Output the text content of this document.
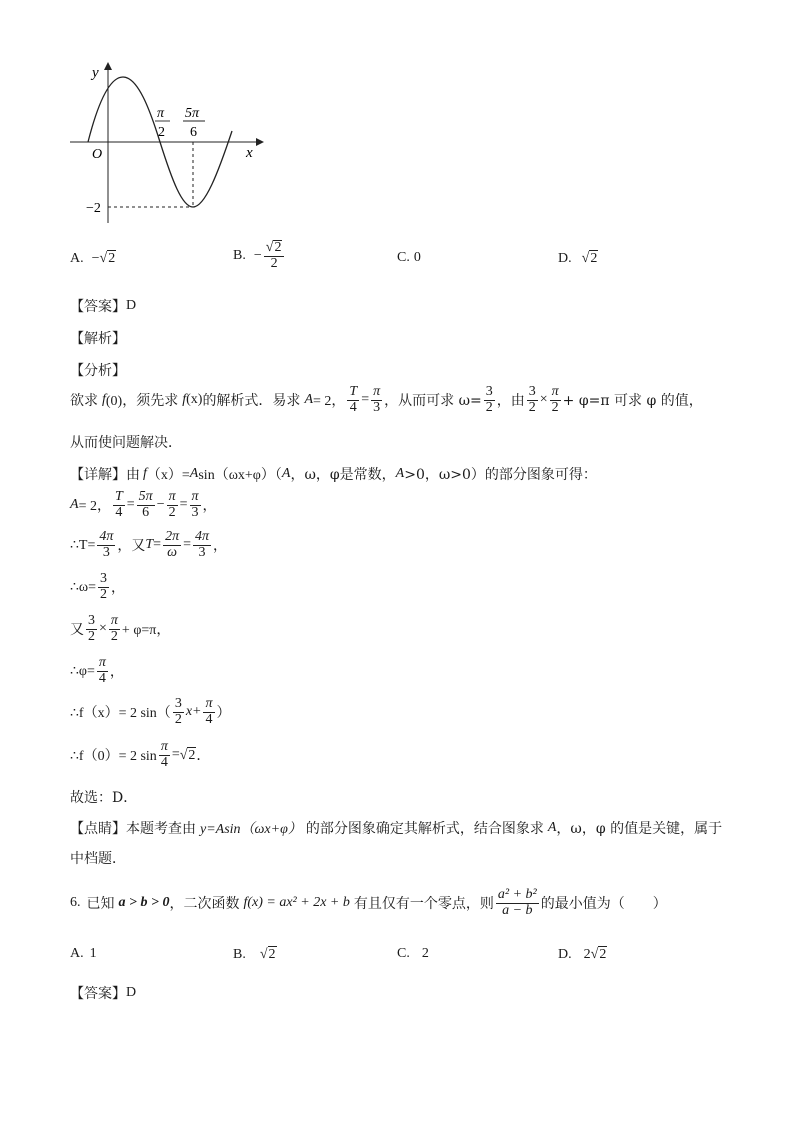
y
x
O
π
2
5π
6
−2
A. − √ 2	B. − $\frac{√ 2}{2}$	C. 0	D. √ 2
【答案】 D
【解析】
【分析】
欲求 f (0)，须先求 f (x) 的解析式．易求 A = 2， $\frac{T}{4} = \frac{\pi}{3}$ ，从而可求 $\omega= \frac{3}{2}$ ，由 $\frac{3}{2} \times \frac{\pi}{2} + \varphi=\pi$ 可求 φ 的值，
从而使问题解决．
【详解】 由 f （x）= A sin（ωx+φ）（ A ，ω，φ是常数， A >0，ω>0）的部分图象可得：
A = 2， $\frac{T}{4} = \frac{5\pi}{6} - \frac{\pi}{2} = \frac{\pi}{3}$ ，
∴T= $\frac{4\pi}{3}$ ，又 $T = \frac{2\pi}{\omega} = \frac{4\pi}{3}$ ，
∴ω= $\frac{3}{2}$ ，
又 $\frac{3}{2} \times \frac{\pi}{2} + \varphi=\pi$，
∴φ= $\frac{\pi}{4}$ ，
∴f（x）= 2 $\sin( \frac{3}{2} x+ \frac{\pi}{4}$ ）
∴f（0）= 2 $\sin \frac{\pi}{4}$ = √ 2 ．
故选：D．
【点睛】 本题考查由 y=Asin（ωx+φ） 的部分图象确定其解析式，结合图象求 A ，ω，φ 的值是关键，属于
中档题．
6. 已知 a > b > 0 ，二次函数 f(x) = ax² + 2x + b 有且仅有一个零点，则 $\frac{\text{a² + b²}}{a - b}$ 的最小值为（　　）
A. 1	B. √ 2	C. 2	D. 2 √ 2
【答案】 D
